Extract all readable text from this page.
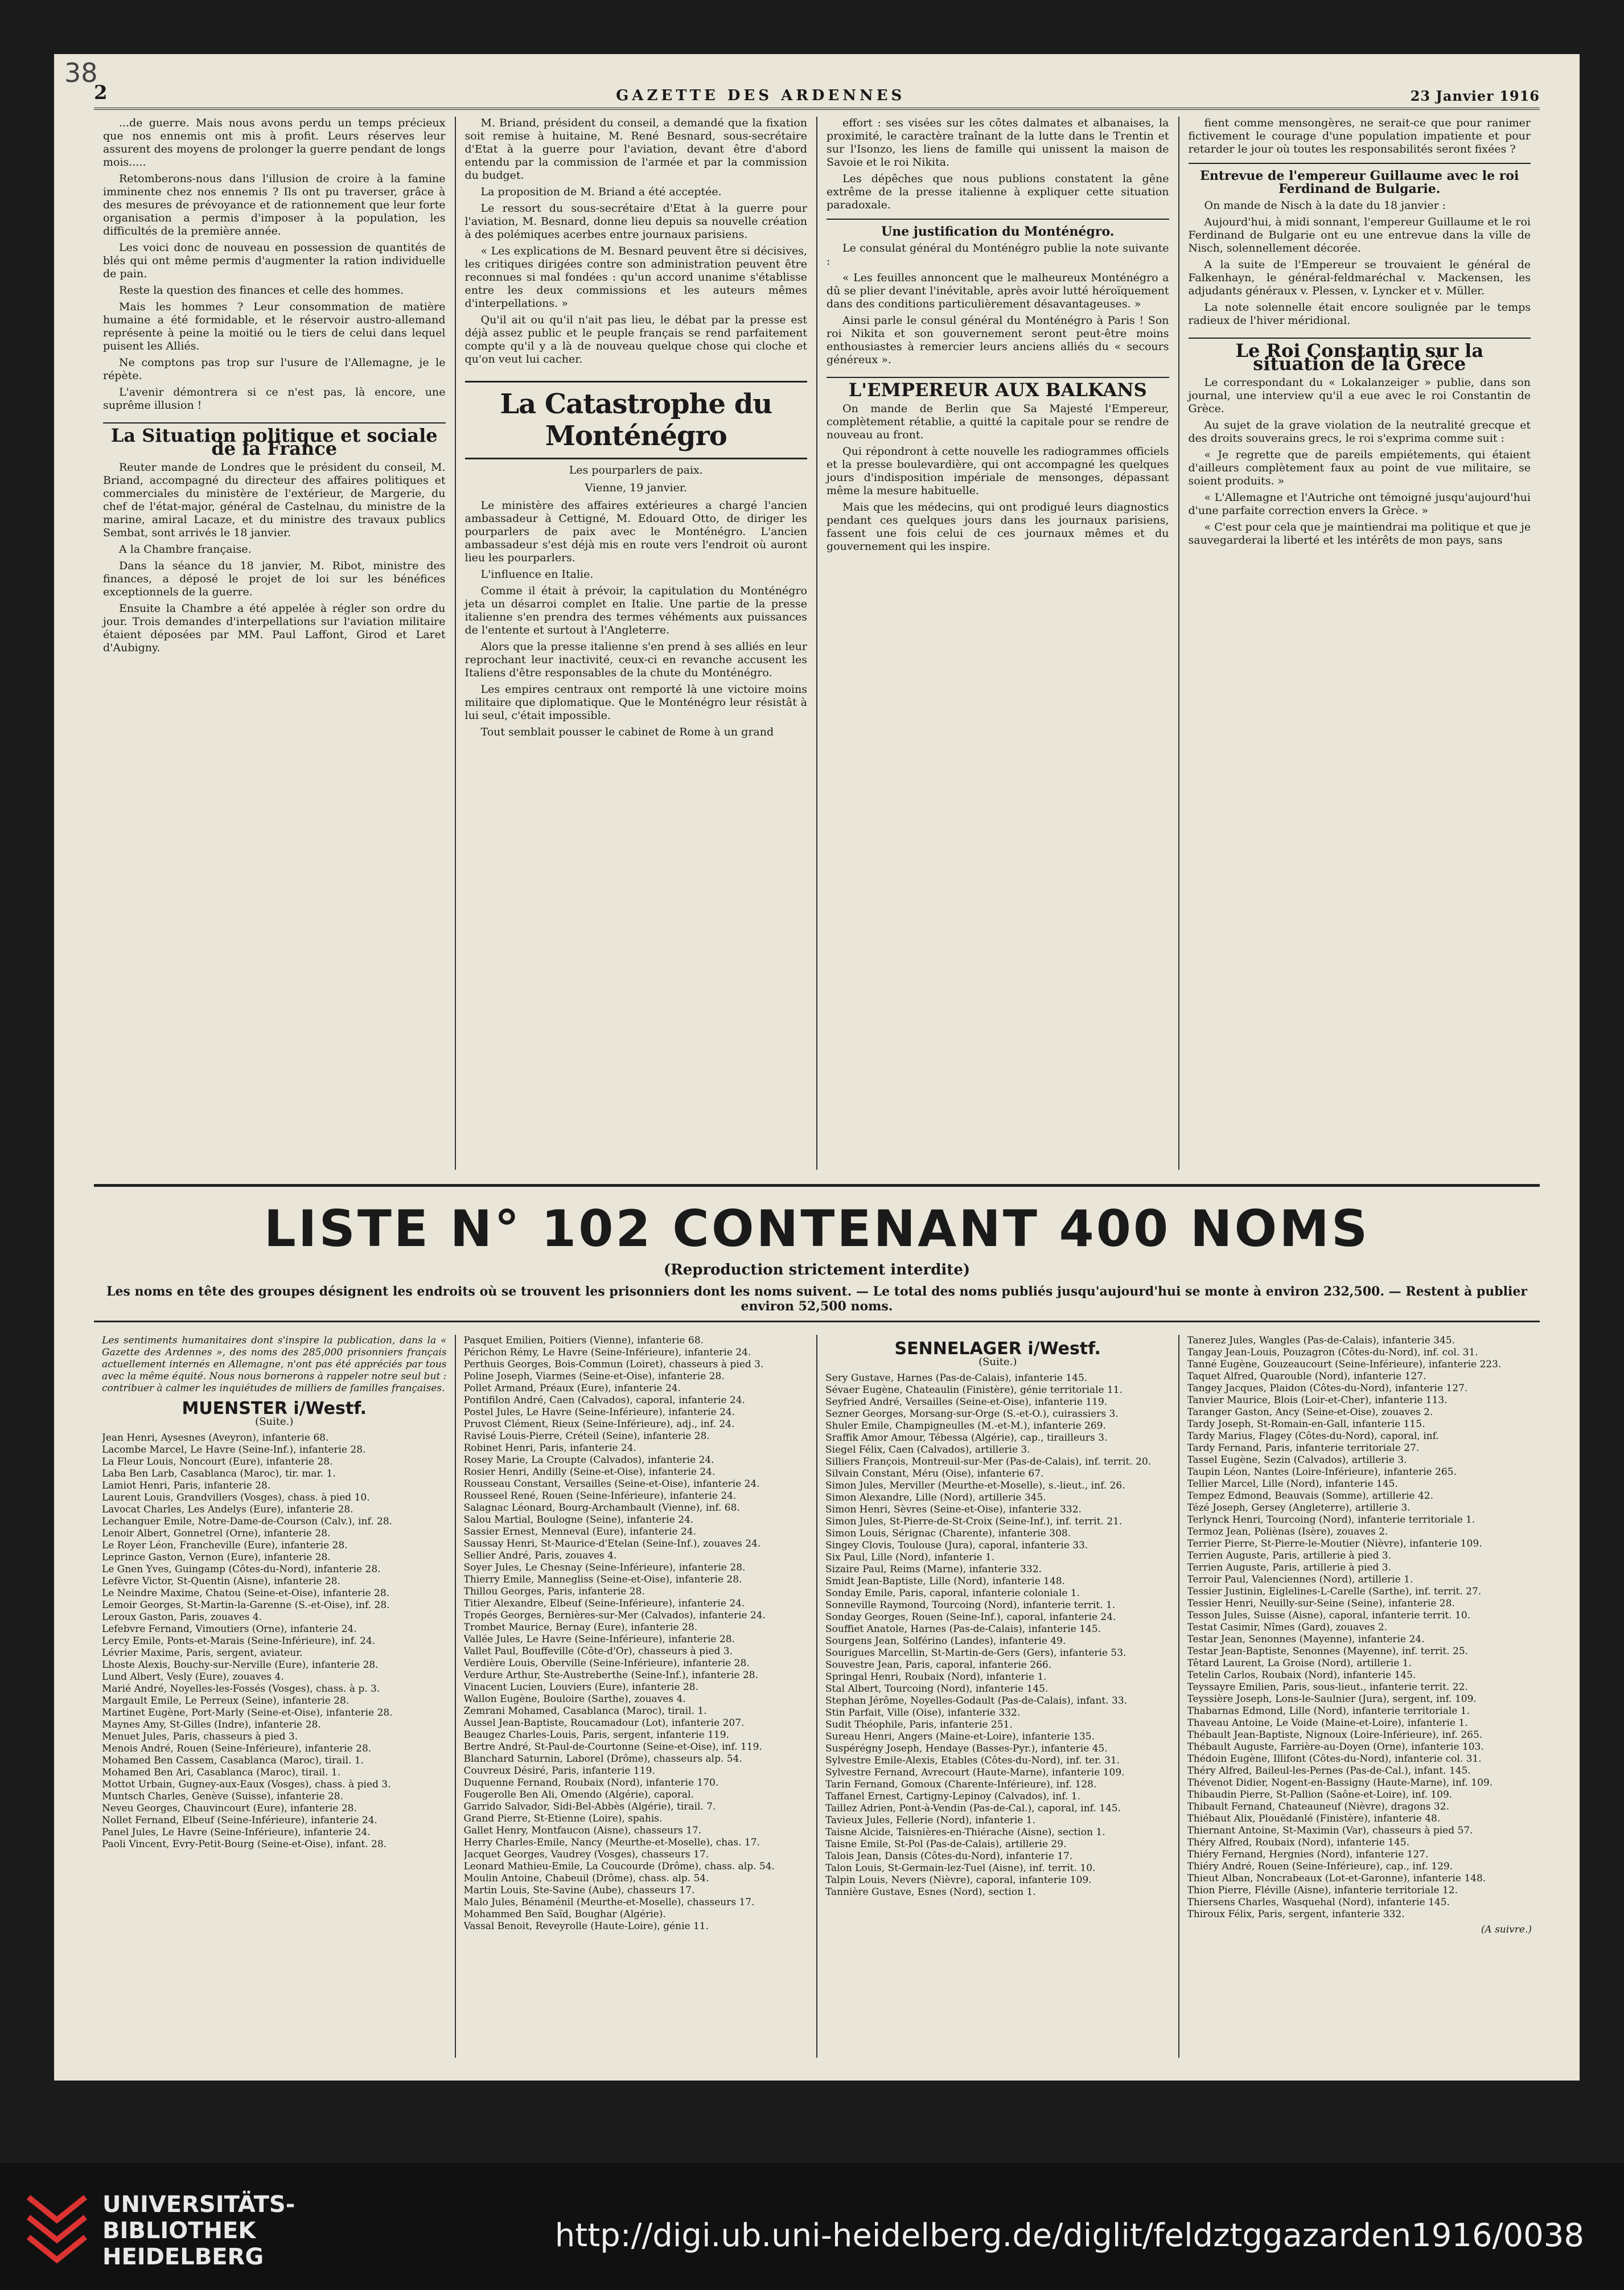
38
2	GAZETTE DES ARDENNES	23 Janvier 1916

...de guerre. Mais nous avons perdu un temps précieux que nos ennemis ont mis à profit. Leurs réserves leur assurent des moyens de prolonger la guerre pendant de longs mois.....

Retomberons-nous dans l'illusion de croire à la famine imminente chez nos ennemis ? Ils ont pu traverser, grâce à des mesures de prévoyance et de rationnement que leur forte organisation a permis d'imposer à la population, les difficultés de la première année.

Les voici donc de nouveau en possession de quantités de blés qui ont même permis d'augmenter la ration individuelle de pain.

Reste la question des finances et celle des hommes.

Mais les hommes ? Leur consommation de matière humaine a été formidable, et le réservoir austro-allemand représente à peine la moitié ou le tiers de celui dans lequel puisent les Alliés.

Ne comptons pas trop sur l'usure de l'Allemagne, je le répète.

L'avenir démontrera si ce n'est pas, là encore, une suprême illusion !

La Situation politique et sociale de la France

Reuter mande de Londres que le président du conseil, M. Briand, accompagné du directeur des affaires politiques et commerciales du ministère de l'extérieur, de Margerie, du chef de l'état-major, général de Castelnau, du ministre de la marine, amiral Lacaze, et du ministre des travaux publics Sembat, sont arrivés le 18 janvier.

A la Chambre française.

Dans la séance du 18 janvier, M. Ribot, ministre des finances, a déposé le projet de loi sur les bénéfices exceptionnels de la guerre.

Ensuite la Chambre a été appelée à régler son ordre du jour. Trois demandes d'interpellations sur l'aviation militaire étaient déposées par MM. Paul Laffont, Girod et Laret d'Aubigny.

M. Briand, président du conseil, a demandé que la fixation soit remise à huitaine, M. René Besnard, sous-secrétaire d'Etat à la guerre pour l'aviation, devant être d'abord entendu par la commission de l'armée et par la commission du budget.

La proposition de M. Briand a été acceptée.

Le ressort du sous-secrétaire d'Etat à la guerre pour l'aviation, M. Besnard, donne lieu depuis sa nouvelle création à des polémiques acerbes entre journaux parisiens.

« Les explications de M. Besnard peuvent être si décisives, les critiques dirigées contre son administration peuvent être reconnues si mal fondées : qu'un accord unanime s'établisse entre les deux commissions et les auteurs mêmes d'interpellations. »

Qu'il ait ou qu'il n'ait pas lieu, le débat par la presse est déjà assez public et le peuple français se rend parfaitement compte qu'il y a là de nouveau quelque chose qui cloche et qu'on veut lui cacher.

La Catastrophe du Monténégro
Les pourparlers de paix.
Vienne, 19 janvier.

Le ministère des affaires extérieures a chargé l'ancien ambassadeur à Cettigné, M. Edouard Otto, de diriger les pourparlers de paix avec le Monténégro. L'ancien ambassadeur s'est déjà mis en route vers l'endroit où auront lieu les pourparlers.

L'influence en Italie.

Comme il était à prévoir, la capitulation du Monténégro jeta un désarroi complet en Italie. Une partie de la presse italienne s'en prendra des termes véhéments aux puissances de l'entente et surtout à l'Angleterre.

Alors que la presse italienne s'en prend à ses alliés en leur reprochant leur inactivité, ceux-ci en revanche accusent les Italiens d'être responsables de la chute du Monténégro.

Les empires centraux ont remporté là une victoire moins militaire que diplomatique. Que le Monténégro leur résistât à lui seul, c'était impossible.

Tout semblait pousser le cabinet de Rome à un grand

effort : ses visées sur les côtes dalmates et albanaises, la proximité, le caractère traînant de la lutte dans le Trentin et sur l'Isonzo, les liens de famille qui unissent la maison de Savoie et le roi Nikita.

Les dépêches que nous publions constatent la gêne extrême de la presse italienne à expliquer cette situation paradoxale.

Une justification du Monténégro.

Le consulat général du Monténégro publie la note suivante :

« Les feuilles annoncent que le malheureux Monténégro a dû se plier devant l'inévitable, après avoir lutté héroïquement dans des conditions particulièrement désavantageuses. »

Ainsi parle le consul général du Monténégro à Paris ! Son roi Nikita et son gouvernement seront peut-être moins enthousiastes à remercier leurs anciens alliés du « secours généreux ».

L'EMPEREUR AUX BALKANS

On mande de Berlin que Sa Majesté l'Empereur, complètement rétablie, a quitté la capitale pour se rendre de nouveau au front.

Qui répondront à cette nouvelle les radiogrammes officiels et la presse boulevardière, qui ont accompagné les quelques jours d'indisposition impériale de mensonges, dépassant même la mesure habituelle.

Mais que les médecins, qui ont prodigué leurs diagnostics pendant ces quelques jours dans les journaux parisiens, fassent une fois celui de ces journaux mêmes et du gouvernement qui les inspire.

fient comme mensongères, ne serait-ce que pour ranimer fictivement le courage d'une population impatiente et pour retarder le jour où toutes les responsabilités seront fixées ?

Entrevue de l'empereur Guillaume avec le roi Ferdinand de Bulgarie.

On mande de Nisch à la date du 18 janvier :

Aujourd'hui, à midi sonnant, l'empereur Guillaume et le roi Ferdinand de Bulgarie ont eu une entrevue dans la ville de Nisch, solennellement décorée.

A la suite de l'Empereur se trouvaient le général de Falkenhayn, le général-feldmaréchal v. Mackensen, les adjudants généraux v. Plessen, v. Lyncker et v. Müller.

La note solennelle était encore soulignée par le temps radieux de l'hiver méridional.

Le Roi Constantin sur la situation de la Grèce

Le correspondant du « Lokalanzeiger » publie, dans son journal, une interview qu'il a eue avec le roi Constantin de Grèce.

Au sujet de la grave violation de la neutralité grecque et des droits souverains grecs, le roi s'exprima comme suit :

« Je regrette que de pareils empiétements, qui étaient d'ailleurs complètement faux au point de vue militaire, se soient produits. »

« L'Allemagne et l'Autriche ont témoigné jusqu'aujourd'hui d'une parfaite correction envers la Grèce. »

« C'est pour cela que je maintiendrai ma politique et que je sauvegarderai la liberté et les intérêts de mon pays, sans

LISTE N° 102 CONTENANT 400 NOMS
(Reproduction strictement interdite)
Les noms en tête des groupes désignent les endroits où se trouvent les prisonniers dont les noms suivent. — Le total des noms publiés jusqu'aujourd'hui se monte à environ 232,500. — Restent à publier environ 52,500 noms.
Les sentiments humanitaires dont s'inspire la publication, dans la « Gazette des Ardennes », des noms des 285,000 prisonniers français actuellement internés en Allemagne, n'ont pas été appréciés par tous avec la même équité. Nous nous bornerons à rappeler notre seul but : contribuer à calmer les inquiétudes de milliers de familles françaises.
MUENSTER i/Westf.
(Suite.)
Jean Henri, Aysesnes (Aveyron), infanterie 68.
Lacombe Marcel, Le Havre (Seine-Inf.), infanterie 28.
La Fleur Louis, Noncourt (Eure), infanterie 28.
Laba Ben Larb, Casablanca (Maroc), tir. mar. 1.
Lamiot Henri, Paris, infanterie 28.
Laurent Louis, Grandvillers (Vosges), chass. à pied 10.
Lavocat Charles, Les Andelys (Eure), infanterie 28.
Lechanguer Emile, Notre-Dame-de-Courson (Calv.), inf. 28.
Lenoir Albert, Gonnetrel (Orne), infanterie 28.
Le Royer Léon, Francheville (Eure), infanterie 28.
Leprince Gaston, Vernon (Eure), infanterie 28.
Le Gnen Yves, Guingamp (Côtes-du-Nord), infanterie 28.
Lefèvre Victor, St-Quentin (Aisne), infanterie 28.
Le Neindre Maxime, Chatou (Seine-et-Oise), infanterie 28.
Lemoir Georges, St-Martin-la-Garenne (S.-et-Oise), inf. 28.
Leroux Gaston, Paris, zouaves 4.
Lefebvre Fernand, Vimoutiers (Orne), infanterie 24.
Lercy Emile, Ponts-et-Marais (Seine-Inférieure), inf. 24.
Lévrier Maxime, Paris, sergent, aviateur.
Lhoste Alexis, Bouchy-sur-Nerville (Eure), infanterie 28.
Lund Albert, Vesly (Eure), zouaves 4.
Marié André, Noyelles-les-Fossés (Vosges), chass. à p. 3.
Margault Emile, Le Perreux (Seine), infanterie 28.
Martinet Eugène, Port-Marly (Seine-et-Oise), infanterie 28.
Maynes Amy, St-Gilles (Indre), infanterie 28.
Menuet Jules, Paris, chasseurs à pied 3.
Menois André, Rouen (Seine-Inférieure), infanterie 28.
Mohamed Ben Cassem, Casablanca (Maroc), tirail. 1.
Mohamed Ben Ari, Casablanca (Maroc), tirail. 1.
Mottot Urbain, Gugney-aux-Eaux (Vosges), chass. à pied 3.
Muntsch Charles, Genève (Suisse), infanterie 28.
Neveu Georges, Chauvincourt (Eure), infanterie 28.
Nollet Fernand, Elbeuf (Seine-Inférieure), infanterie 24.
Panel Jules, Le Havre (Seine-Inférieure), infanterie 24.
Paoli Vincent, Evry-Petit-Bourg (Seine-et-Oise), infant. 28.
Pasquet Emilien, Poitiers (Vienne), infanterie 68.
Périchon Rémy, Le Havre (Seine-Inférieure), infanterie 24.
Perthuis Georges, Bois-Commun (Loiret), chasseurs à pied 3.
Poline Joseph, Viarmes (Seine-et-Oise), infanterie 28.
Pollet Armand, Préaux (Eure), infanterie 24.
Pontifilon André, Caen (Calvados), caporal, infanterie 24.
Postel Jules, Le Havre (Seine-Inférieure), infanterie 24.
Pruvost Clément, Rieux (Seine-Inférieure), adj., inf. 24.
Ravisé Louis-Pierre, Créteil (Seine), infanterie 28.
Robinet Henri, Paris, infanterie 24.
Rosey Marie, La Croupte (Calvados), infanterie 24.
Rosier Henri, Andilly (Seine-et-Oise), infanterie 24.
Rousseau Constant, Versailles (Seine-et-Oise), infanterie 24.
Rousseel René, Rouen (Seine-Inférieure), infanterie 24.
Salagnac Léonard, Bourg-Archambault (Vienne), inf. 68.
Salou Martial, Boulogne (Seine), infanterie 24.
Sassier Ernest, Menneval (Eure), infanterie 24.
Saussay Henri, St-Maurice-d'Etelan (Seine-Inf.), zouaves 24.
Sellier André, Paris, zouaves 4.
Soyer Jules, Le Chesnay (Seine-Inférieure), infanterie 28.
Thierry Emile, Mannegliss (Seine-et-Oise), infanterie 28.
Thillou Georges, Paris, infanterie 28.
Titier Alexandre, Elbeuf (Seine-Inférieure), infanterie 24.
Tropés Georges, Bernières-sur-Mer (Calvados), infanterie 24.
Trombet Maurice, Bernay (Eure), infanterie 28.
Vallée Jules, Le Havre (Seine-Inférieure), infanterie 28.
Vallet Paul, Bouffeville (Côte-d'Or), chasseurs à pied 3.
Verdière Louis, Oberville (Seine-Inférieure), infanterie 28.
Verdure Arthur, Ste-Austreberthe (Seine-Inf.), infanterie 28.
Vinacent Lucien, Louviers (Eure), infanterie 28.
Wallon Eugène, Bouloire (Sarthe), zouaves 4.
Zemrani Mohamed, Casablanca (Maroc), tirail. 1.
Aussel Jean-Baptiste, Roucamadour (Lot), infanterie 207.
Beaugez Charles-Louis, Paris, sergent, infanterie 119.
Bertre André, St-Paul-de-Courtonne (Seine-et-Oise), inf. 119.
Blanchard Saturnin, Laborel (Drôme), chasseurs alp. 54.
Couvreux Désiré, Paris, infanterie 119.
Duquenne Fernand, Roubaix (Nord), infanterie 170.
Fougerolle Ben Ali, Omendo (Algérie), caporal.
Garrido Salvador, Sidi-Bel-Abbès (Algérie), tirail. 7.
Grand Pierre, St-Etienne (Loire), spahis.
Gallet Henry, Montfaucon (Aisne), chasseurs 17.
Herry Charles-Emile, Nancy (Meurthe-et-Moselle), chas. 17.
Jacquet Georges, Vaudrey (Vosges), chasseurs 17.
Leonard Mathieu-Emile, La Coucourde (Drôme), chass. alp. 54.
Moulin Antoine, Chabeuil (Drôme), chass. alp. 54.
Martin Louis, Ste-Savine (Aube), chasseurs 17.
Malo Jules, Bénaménil (Meurthe-et-Moselle), chasseurs 17.
Mohammed Ben Saïd, Boughar (Algérie).
Vassal Benoit, Reveyrolle (Haute-Loire), génie 11.
SENNELAGER i/Westf.
(Suite.)
Sery Gustave, Harnes (Pas-de-Calais), infanterie 145.
Sévaer Eugène, Chateaulin (Finistère), génie territoriale 11.
Seyfried André, Versailles (Seine-et-Oise), infanterie 119.
Sezner Georges, Morsang-sur-Orge (S.-et-O.), cuirassiers 3.
Shuler Emile, Champigneulles (M.-et-M.), infanterie 269.
Sraffik Amor Amour, Tébessa (Algérie), cap., tirailleurs 3.
Siegel Félix, Caen (Calvados), artillerie 3.
Silliers François, Montreuil-sur-Mer (Pas-de-Calais), inf. territ. 20.
Silvain Constant, Méru (Oise), infanterie 67.
Simon Jules, Merviller (Meurthe-et-Moselle), s.-lieut., inf. 26.
Simon Alexandre, Lille (Nord), artillerie 345.
Simon Henri, Sèvres (Seine-et-Oise), infanterie 332.
Simon Jules, St-Pierre-de-St-Croix (Seine-Inf.), inf. territ. 21.
Simon Louis, Sérignac (Charente), infanterie 308.
Singey Clovis, Toulouse (Jura), caporal, infanterie 33.
Six Paul, Lille (Nord), infanterie 1.
Sizaire Paul, Reims (Marne), infanterie 332.
Smidt Jean-Baptiste, Lille (Nord), infanterie 148.
Sonday Emile, Paris, caporal, infanterie coloniale 1.
Sonneville Raymond, Tourcoing (Nord), infanterie territ. 1.
Sonday Georges, Rouen (Seine-Inf.), caporal, infanterie 24.
Souffiet Anatole, Harnes (Pas-de-Calais), infanterie 145.
Sourgens Jean, Solférino (Landes), infanterie 49.
Sourigues Marcellin, St-Martin-de-Gers (Gers), infanterie 53.
Souvestre Jean, Paris, caporal, infanterie 266.
Springal Henri, Roubaix (Nord), infanterie 1.
Stal Albert, Tourcoing (Nord), infanterie 145.
Stephan Jérôme, Noyelles-Godault (Pas-de-Calais), infant. 33.
Stin Parfait, Ville (Oise), infanterie 332.
Sudit Théophile, Paris, infanterie 251.
Sureau Henri, Angers (Maine-et-Loire), infanterie 135.
Suspérégny Joseph, Hendaye (Basses-Pyr.), infanterie 45.
Sylvestre Emile-Alexis, Etables (Côtes-du-Nord), inf. ter. 31.
Sylvestre Fernand, Avrecourt (Haute-Marne), infanterie 109.
Tarin Fernand, Gomoux (Charente-Inférieure), inf. 128.
Taffanel Ernest, Cartigny-Lepinoy (Calvados), inf. 1.
Taillez Adrien, Pont-à-Vendin (Pas-de-Cal.), caporal, inf. 145.
Tavieux Jules, Fellerie (Nord), infanterie 1.
Taisne Alcide, Taisnières-en-Thiérache (Aisne), section 1.
Taisne Emile, St-Pol (Pas-de-Calais), artillerie 29.
Talois Jean, Dansis (Côtes-du-Nord), infanterie 17.
Talon Louis, St-Germain-lez-Tuel (Aisne), inf. territ. 10.
Talpin Louis, Nevers (Nièvre), caporal, infanterie 109.
Tannière Gustave, Esnes (Nord), section 1.
Tanerez Jules, Wangles (Pas-de-Calais), infanterie 345.
Tangay Jean-Louis, Pouzagron (Côtes-du-Nord), inf. col. 31.
Tanné Eugène, Gouzeaucourt (Seine-Inférieure), infanterie 223.
Taquet Alfred, Quarouble (Nord), infanterie 127.
Tangey Jacques, Plaidon (Côtes-du-Nord), infanterie 127.
Tanvier Maurice, Blois (Loir-et-Cher), infanterie 113.
Taranger Gaston, Ancy (Seine-et-Oise), zouaves 2.
Tardy Joseph, St-Romain-en-Gall, infanterie 115.
Tardy Marius, Flagey (Côtes-du-Nord), caporal, inf.
Tardy Fernand, Paris, infanterie territoriale 27.
Tassel Eugène, Sezin (Calvados), artillerie 3.
Taupin Léon, Nantes (Loire-Inférieure), infanterie 265.
Tellier Marcel, Lille (Nord), infanterie 145.
Tempez Edmond, Beauvais (Somme), artillerie 42.
Tézé Joseph, Gersey (Angleterre), artillerie 3.
Terlynck Henri, Tourcoing (Nord), infanterie territoriale 1.
Termoz Jean, Poliènas (Isère), zouaves 2.
Terrier Pierre, St-Pierre-le-Moutier (Nièvre), infanterie 109.
Terrien Auguste, Paris, artillerie à pied 3.
Terrien Auguste, Paris, artillerie à pied 3.
Terroir Paul, Valenciennes (Nord), artillerie 1.
Tessier Justinin, Eiglelines-L-Carelle (Sarthe), inf. territ. 27.
Tessier Henri, Neuilly-sur-Seine (Seine), infanterie 28.
Tesson Jules, Suisse (Aisne), caporal, infanterie territ. 10.
Testat Casimir, Nîmes (Gard), zouaves 2.
Testar Jean, Senonnes (Mayenne), infanterie 24.
Testar Jean-Baptiste, Senonnes (Mayenne), inf. territ. 25.
Têtard Laurent, La Groise (Nord), artillerie 1.
Tetelin Carlos, Roubaix (Nord), infanterie 145.
Teyssayre Emilien, Paris, sous-lieut., infanterie territ. 22.
Teyssière Joseph, Lons-le-Saulnier (Jura), sergent, inf. 109.
Thabarnas Edmond, Lille (Nord), infanterie territoriale 1.
Thaveau Antoine, Le Voide (Maine-et-Loire), infanterie 1.
Thébault Jean-Baptiste, Nignoux (Loire-Inférieure), inf. 265.
Thébault Auguste, Farrière-au-Doyen (Orne), infanterie 103.
Thédoin Eugène, Illifont (Côtes-du-Nord), infanterie col. 31.
Théry Alfred, Baileul-les-Pernes (Pas-de-Cal.), infant. 145.
Thévenot Didier, Nogent-en-Bassigny (Haute-Marne), inf. 109.
Thibaudin Pierre, St-Pallion (Saône-et-Loire), inf. 109.
Thibault Fernand, Chateauneuf (Nièvre), dragons 32.
Thiébaut Alix, Plouëdanlé (Finistère), infanterie 48.
Thiernant Antoine, St-Maximin (Var), chasseurs à pied 57.
Théry Alfred, Roubaix (Nord), infanterie 145.
Thiéry Fernand, Hergnies (Nord), infanterie 127.
Thiéry André, Rouen (Seine-Inférieure), cap., inf. 129.
Thieut Alban, Noncrabeaux (Lot-et-Garonne), infanterie 148.
Thion Pierre, Fléville (Aisne), infanterie territoriale 12.
Thiersens Charles, Wasquehal (Nord), infanterie 145.
Thiroux Félix, Paris, sergent, infanterie 332.
(A suivre.)
UNIVERSITÄTS-
BIBLIOTHEK
HEIDELBERG
http://digi.ub.uni-heidelberg.de/diglit/feldztggazarden1916/0038
